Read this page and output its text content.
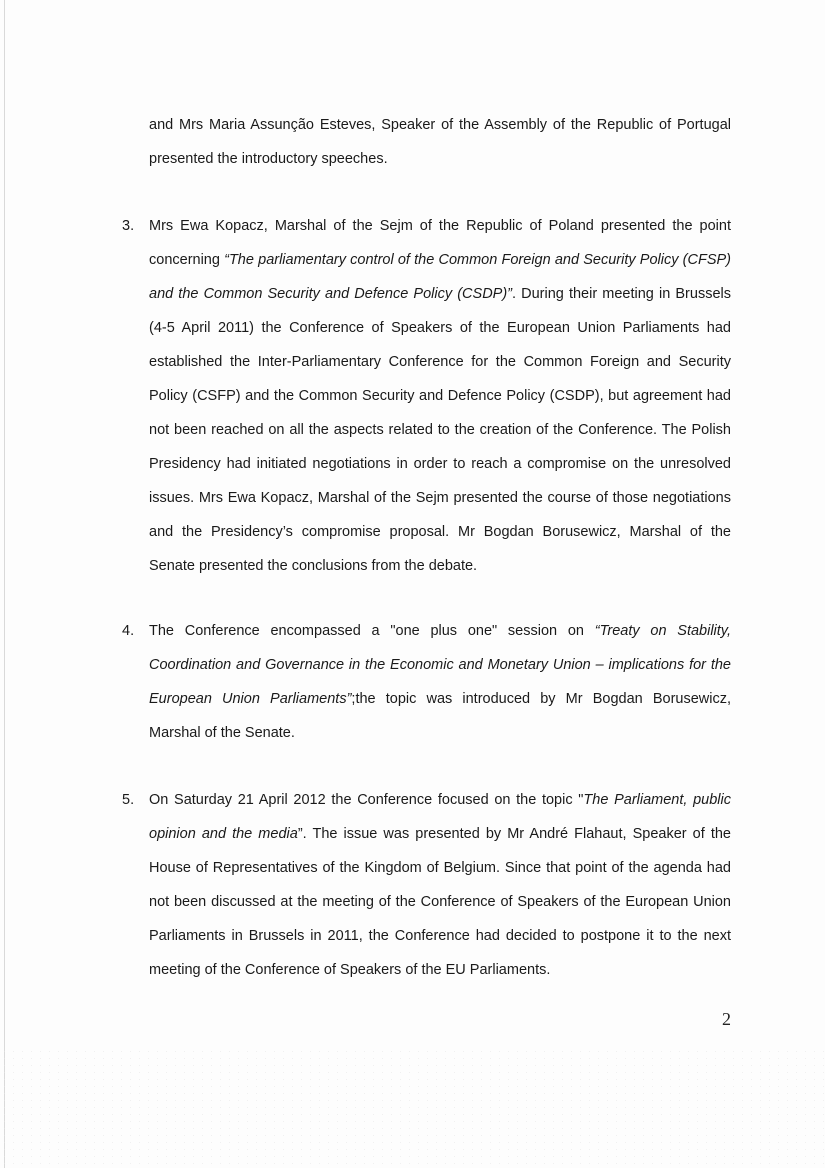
and Mrs Maria Assunção Esteves, Speaker of the Assembly of the Republic of Portugal presented the introductory speeches.

3. Mrs Ewa Kopacz, Marshal of the Sejm of the Republic of Poland presented the point concerning “The parliamentary control of the Common Foreign and Security Policy (CFSP) and the Common Security and Defence Policy (CSDP)”. During their meeting in Brussels (4-5 April 2011) the Conference of Speakers of the European Union Parliaments had established the Inter-Parliamentary Conference for the Common Foreign and Security Policy (CSFP) and the Common Security and Defence Policy (CSDP), but agreement had not been reached on all the aspects related to the creation of the Conference. The Polish Presidency had initiated negotiations in order to reach a compromise on the unresolved issues. Mrs Ewa Kopacz, Marshal of the Sejm presented the course of those negotiations and the Presidency’s compromise proposal. Mr Bogdan Borusewicz, Marshal of the Senate presented the conclusions from the debate.

4. The Conference encompassed a "one plus one" session on “Treaty on Stability, Coordination and Governance in the Economic and Monetary Union – implications for the European Union Parliaments”;the topic was introduced by Mr Bogdan Borusewicz, Marshal of the Senate.

5. On Saturday 21 April 2012 the Conference focused on the topic "The Parliament, public opinion and the media”. The issue was presented by Mr André Flahaut, Speaker of the House of Representatives of the Kingdom of Belgium. Since that point of the agenda had not been discussed at the meeting of the Conference of Speakers of the European Union Parliaments in Brussels in 2011, the Conference had decided to postpone it to the next meeting of the Conference of Speakers of the EU Parliaments.

2
